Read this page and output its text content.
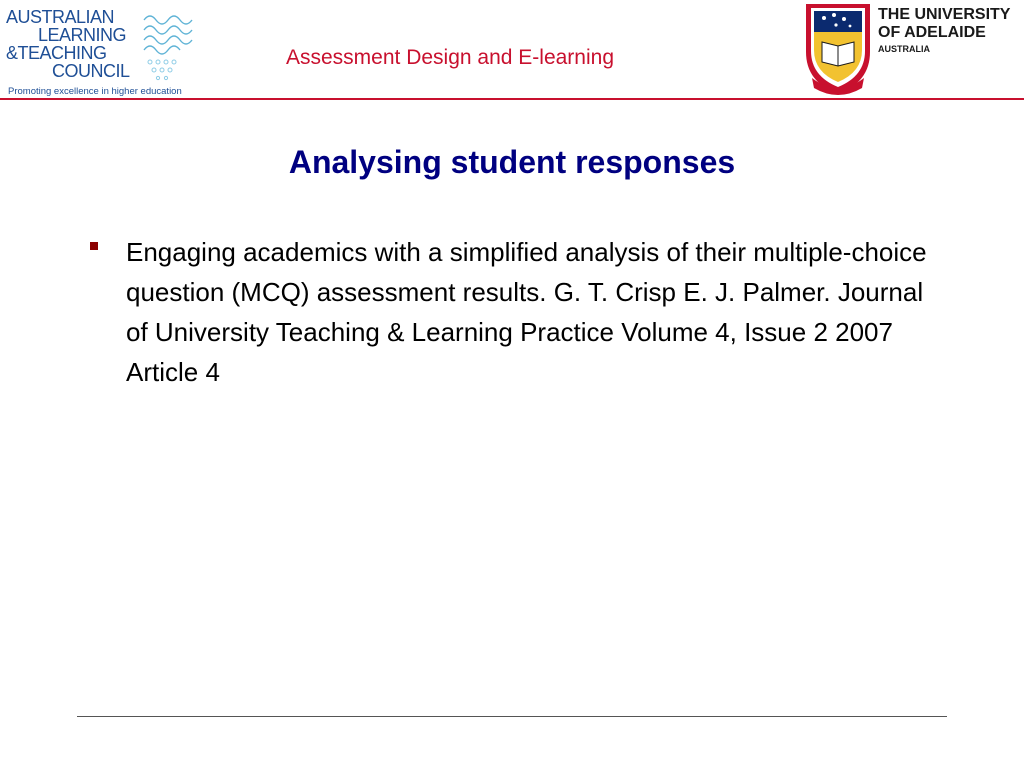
AUSTRALIAN
LEARNING
&TEACHING
COUNCIL
Promoting excellence in higher education
Assessment Design and E-learning
THE UNIVERSITY
OF ADELAIDE
AUSTRALIA
Analysing student responses
Engaging academics with a simplified analysis of their multiple-choice question (MCQ) assessment results. G. T. Crisp E. J. Palmer. Journal of University Teaching & Learning Practice Volume 4, Issue 2 2007 Article 4
